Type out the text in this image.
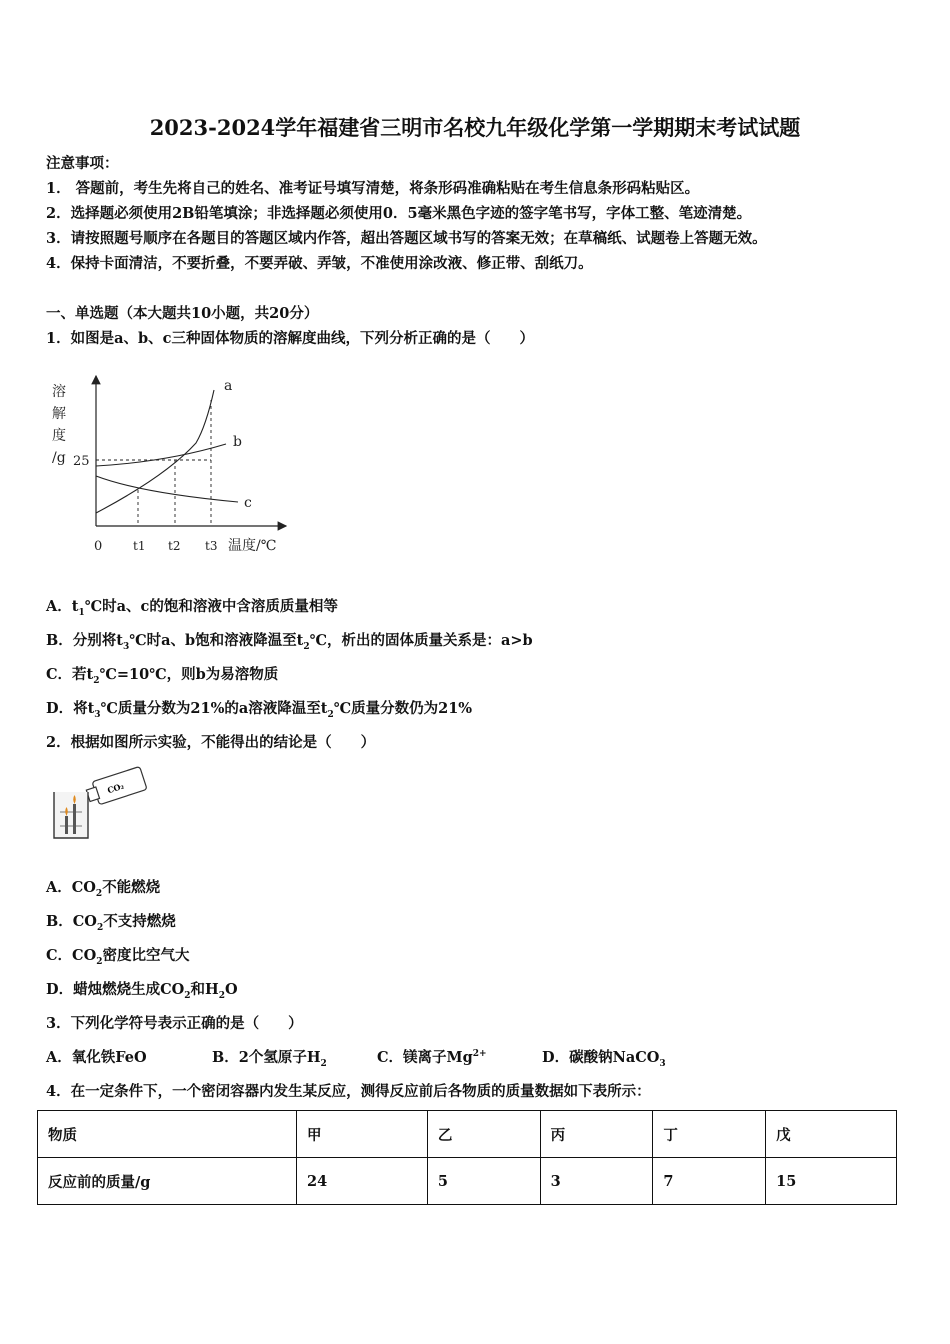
2023-2024学年福建省三明市名校九年级化学第一学期期末考试试题
注意事项：
1． 答题前，考生先将自己的姓名、准考证号填写清楚，将条形码准确粘贴在考生信息条形码粘贴区。
2．选择题必须使用2B铅笔填涂；非选择题必须使用0．5毫米黑色字迹的签字笔书写，字体工整、笔迹清楚。
3．请按照题号顺序在各题目的答题区域内作答，超出答题区域书写的答案无效；在草稿纸、试题卷上答题无效。
4．保持卡面清洁，不要折叠，不要弄破、弄皱，不准使用涂改液、修正带、刮纸刀。
一、单选题（本大题共10小题，共20分）
1．如图是a、b、c三种固体物质的溶解度曲线，下列分析正确的是（　　）
溶
解
度
/g 25
a
b
c
0	t1 t2 t3 温度/℃
A．$t_1℃$时a、c的饱和溶液中含溶质质量相等
B．分别将$t_3℃$时a、b饱和溶液降温至$t_2℃$，析出的固体质量关系是：a>b
C．若$t_2℃=10℃$，则b为易溶物质
D．将$t_3℃$质量分数为21%的a溶液降温至$t_2℃$质量分数仍为21%
2．根据如图所示实验，不能得出的结论是（　　）
CO₂
A．$CO_2$不能燃烧
B．$CO_2$不支持燃烧
C．$CO_2$密度比空气大
D．蜡烛燃烧生成$CO_2$和$H_2O$
3．下列化学符号表示正确的是（　　）
A．氧化铁FeO	B．2个氢原子$H_2$	C．镁离子$Mg^{2+}$	D．碳酸钠NaCO$_3$
4．在一定条件下，一个密闭容器内发生某反应，测得反应前后各物质的质量数据如下表所示：
物质	甲	乙	丙	丁	戊
反应前的质量/g	24	5	3	7	15
